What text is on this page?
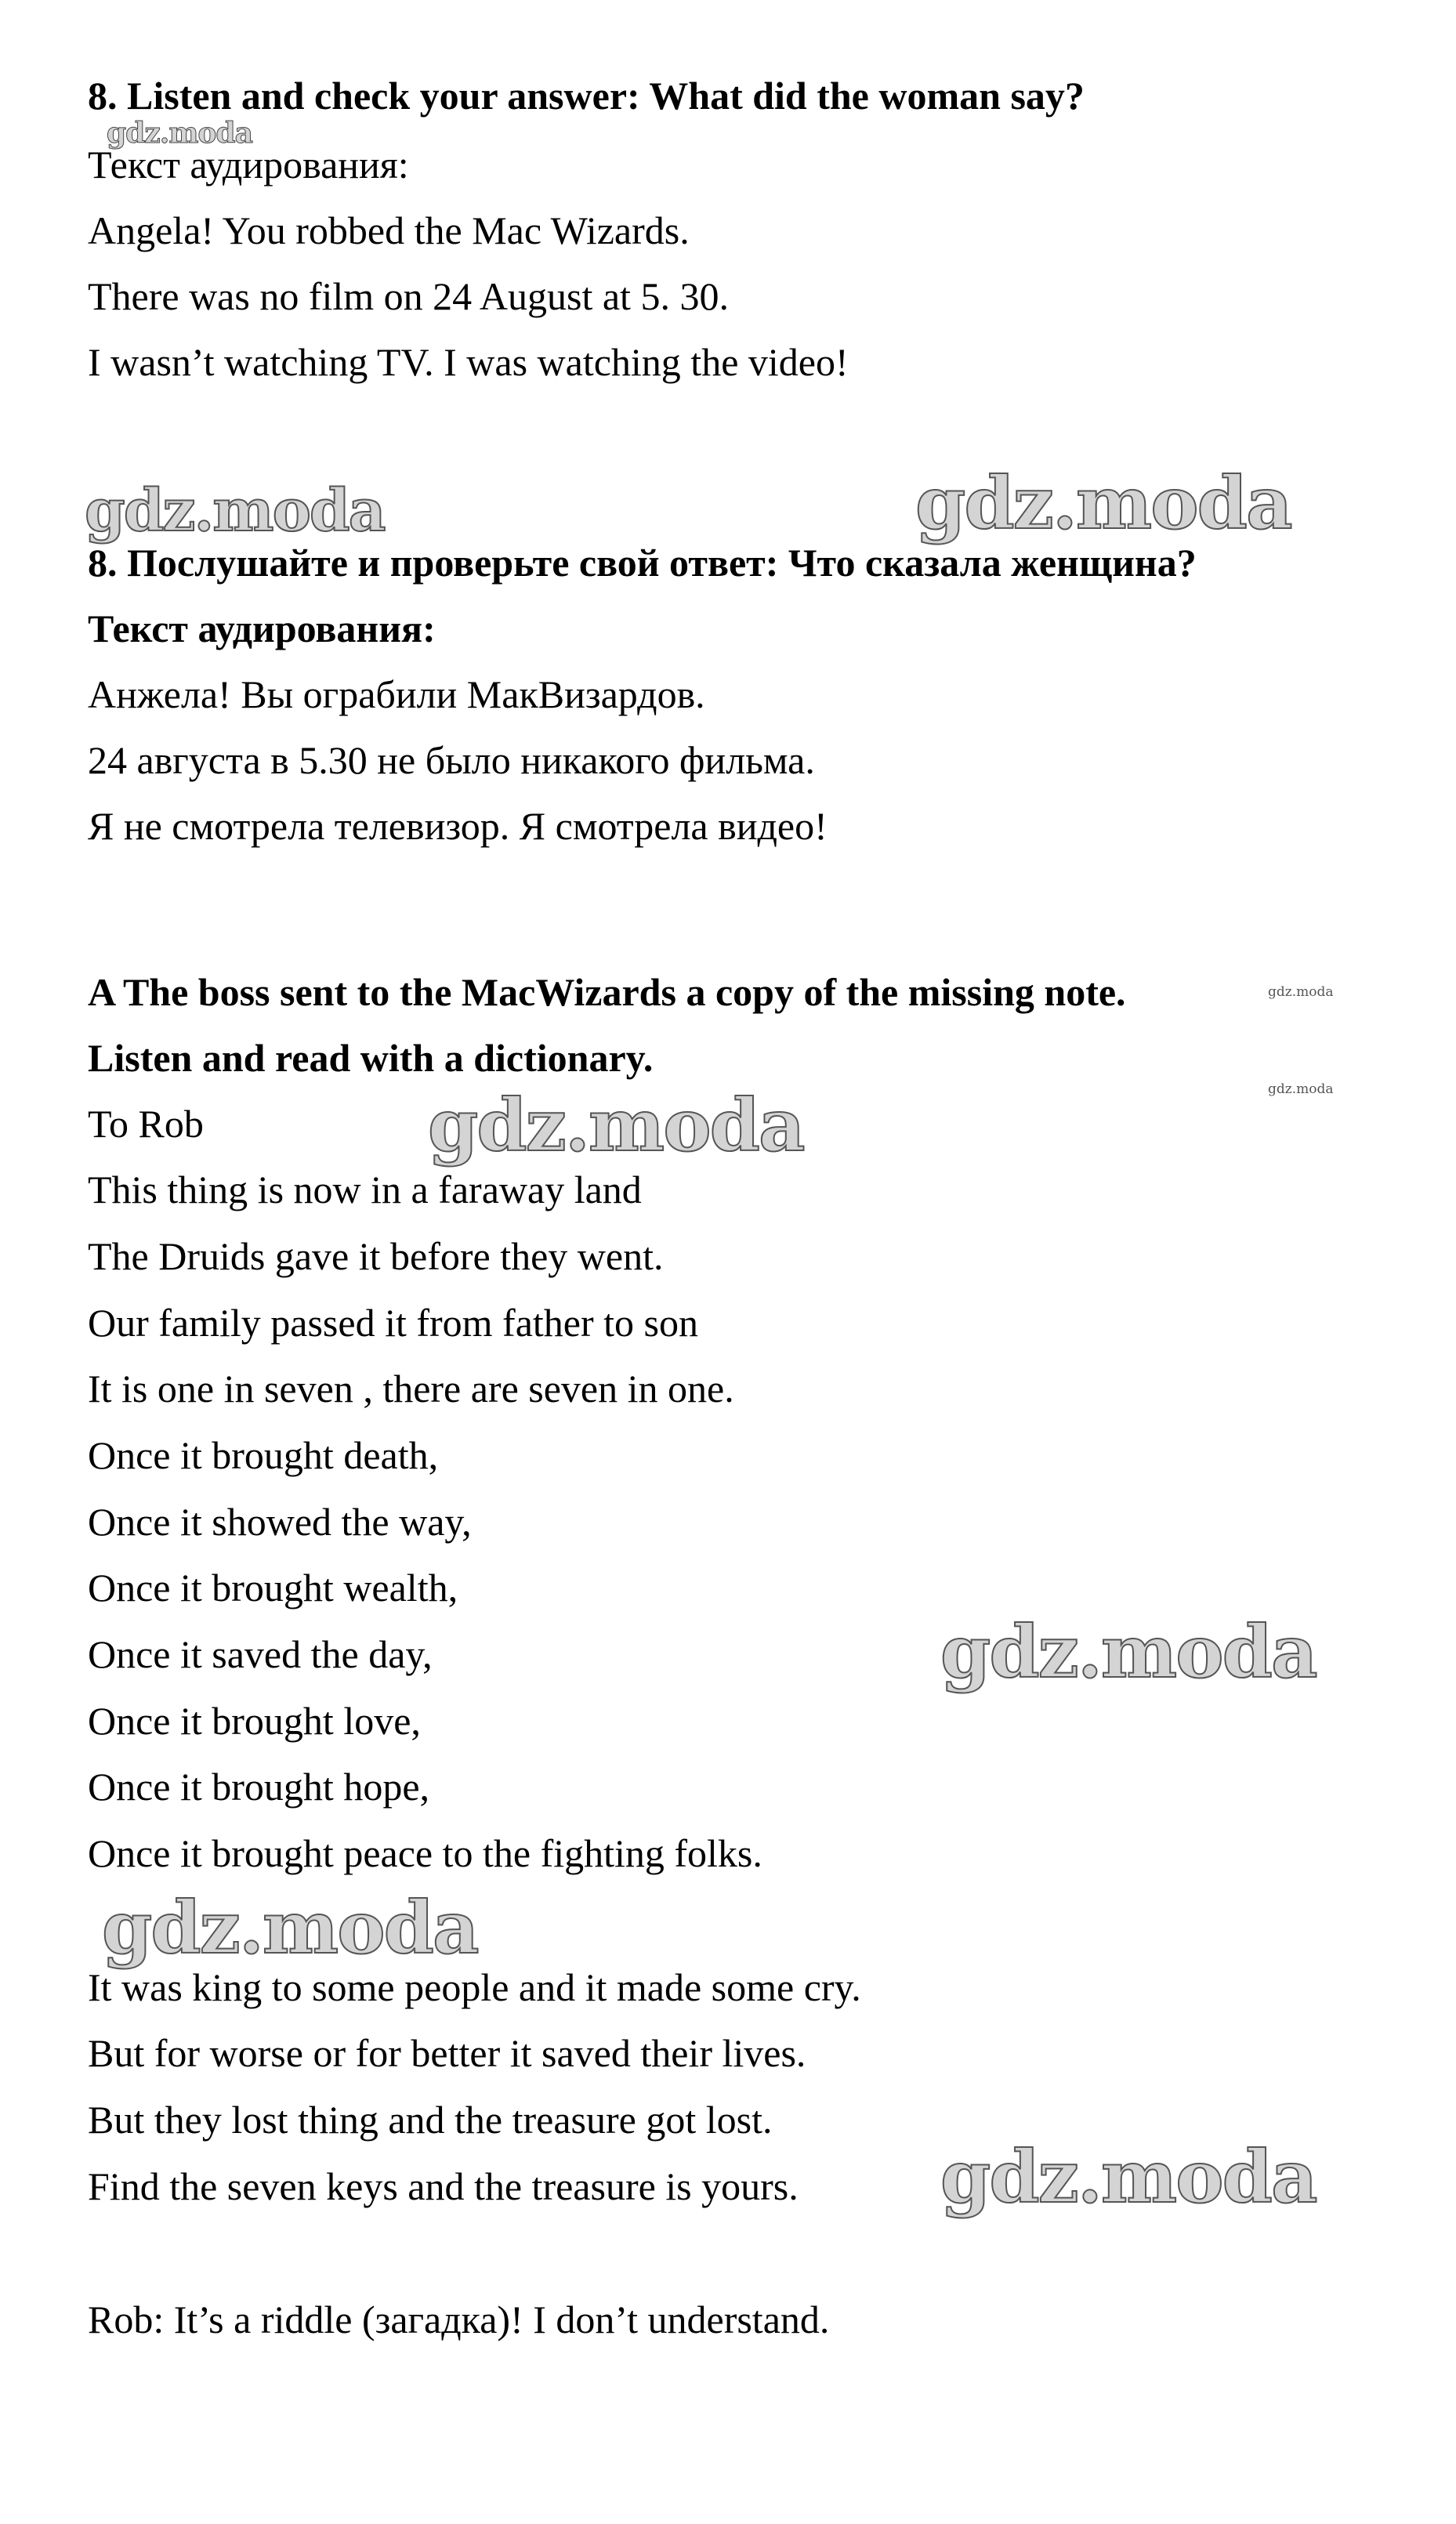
8. Listen and check your answer: What did the woman say?

Текст аудирования:

Angela! You robbed the Mac Wizards.

There was no film on 24 August at 5. 30.

I wasn’t watching TV. I was watching the video!

8. Послушайте и проверьте свой ответ: Что сказала женщина?

Текст аудирования:

Анжела! Вы ограбили МакВизардов.

24 августа в 5.30 не было никакого фильма.

Я не смотрела телевизор. Я смотрела видео!

A The boss sent to the MacWizards a copy of the missing note.

Listen and read with a dictionary.

To Rob

This thing is now in a faraway land

The Druids gave it before they went.

Our family passed it from father to son

It is one in seven , there are seven in one.

Once it brought death,

Once it showed the way,

Once it brought wealth,

Once it saved the day,

Once it brought love,

Once it brought hope,

Once it brought peace to the fighting folks.

It was king to some people and it made some cry.

But for worse or for better it saved their lives.

But they lost thing and the treasure got lost.

Find the seven keys and the treasure is yours.

Rob: It’s a riddle (загадка)! I don’t understand.

gdz.moda
gdz.moda	gdz.moda
gdz.moda
gdz.moda
gdz.moda
gdz.moda
gdz.moda
gdz.moda
